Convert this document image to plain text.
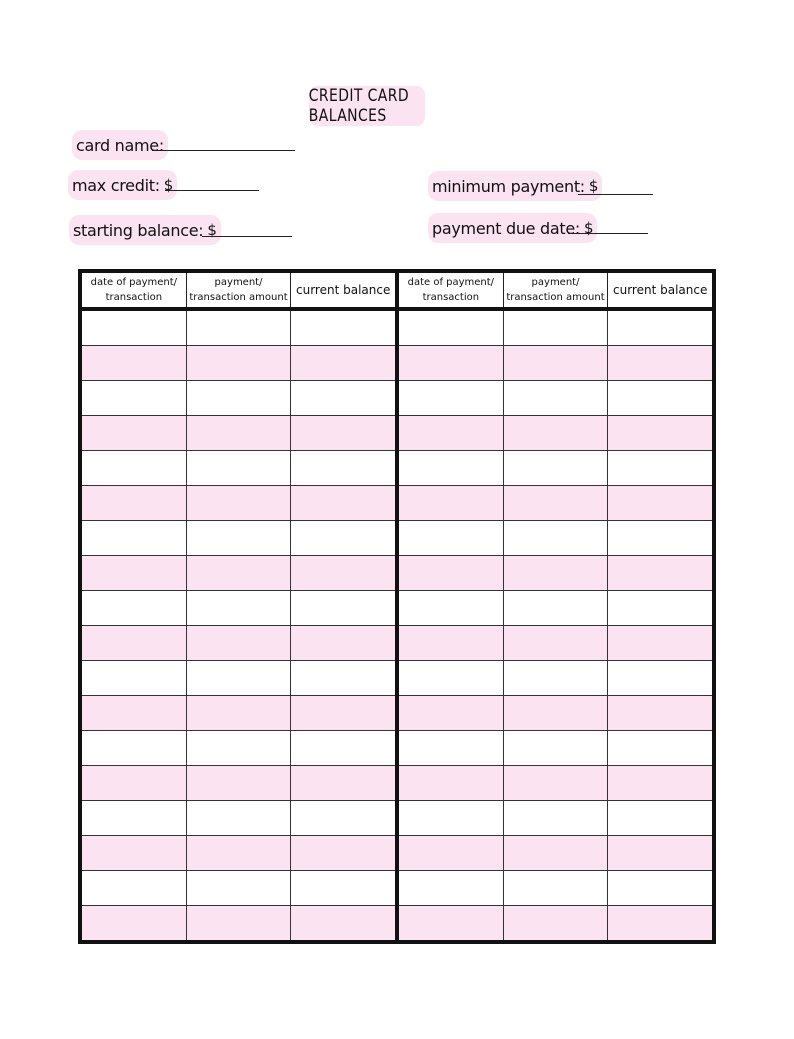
CREDIT CARD BALANCES
card name:
max credit: $
starting balance: $
minimum payment: $
payment due date: $
date of payment/ transaction
payment/ transaction amount
current balance	date of payment/ transaction
payment/ transaction amount
current balance
